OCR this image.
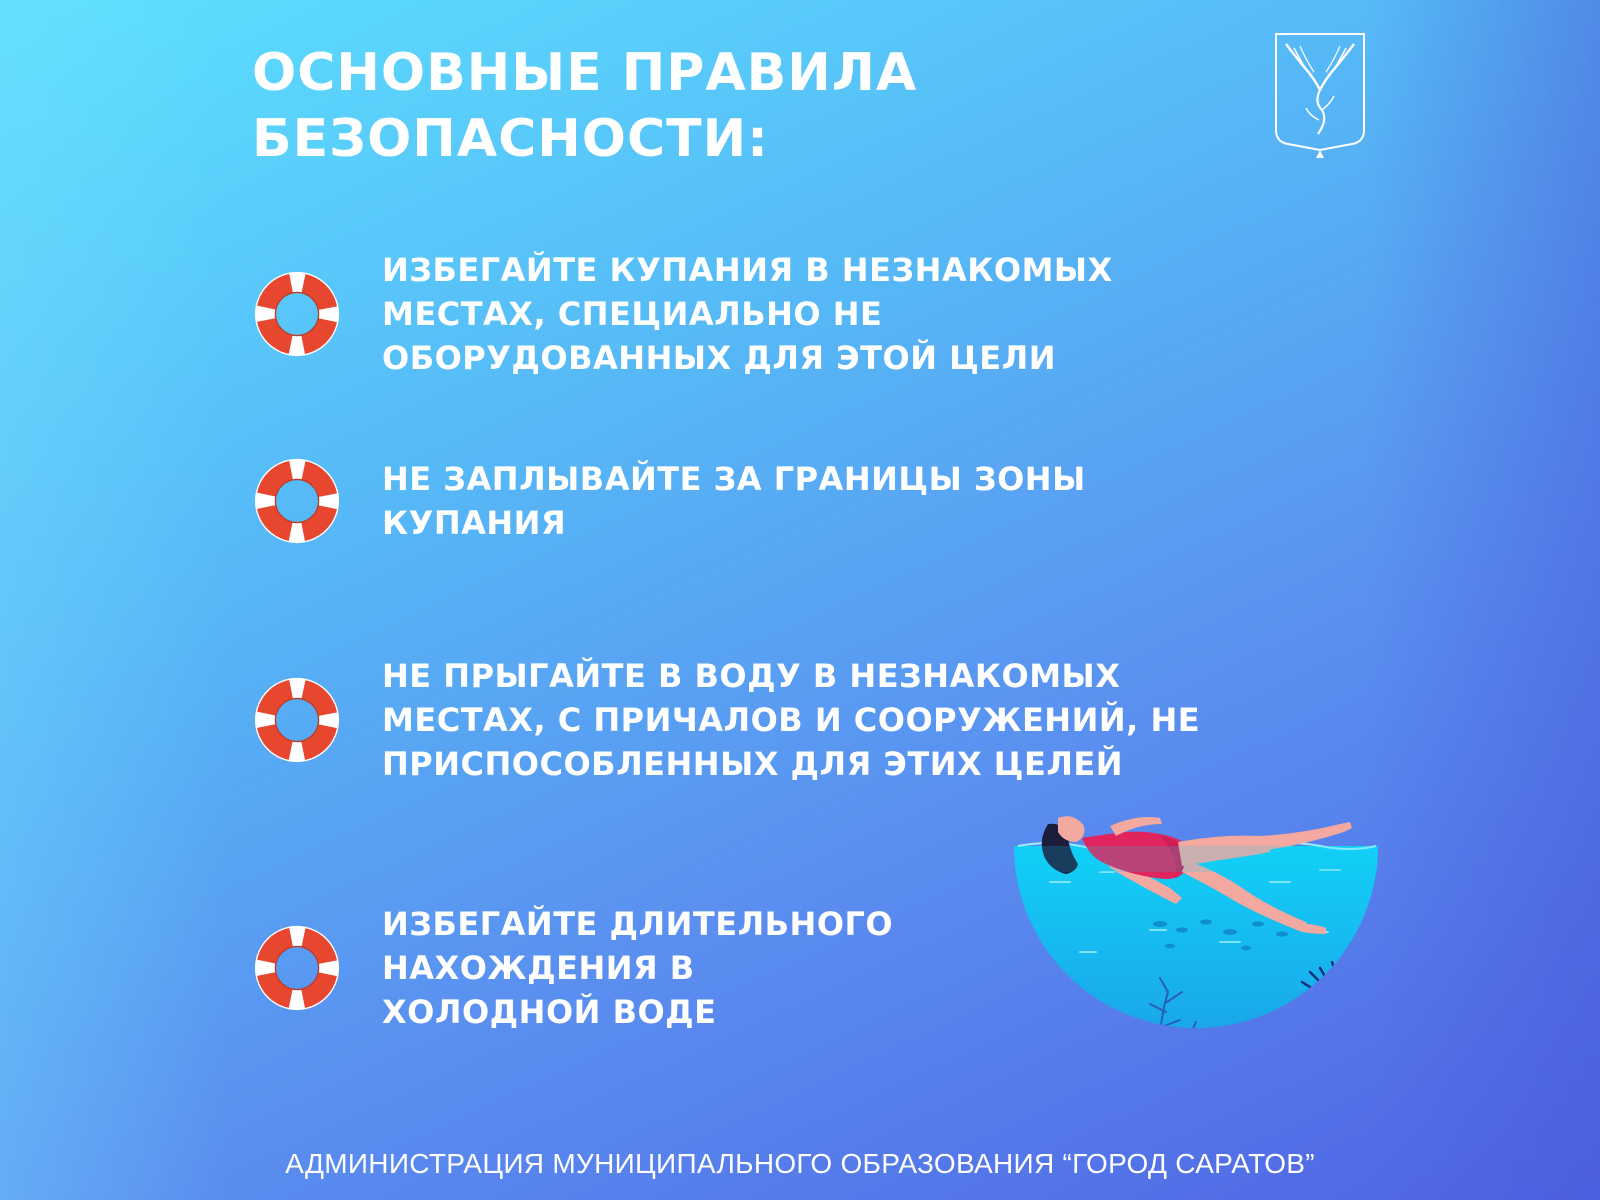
ОСНОВНЫЕ ПРАВИЛА
БЕЗОПАСНОСТИ:
ИЗБЕГАЙТЕ КУПАНИЯ В НЕЗНАКОМЫХ
МЕСТАХ, СПЕЦИАЛЬНО НЕ
ОБОРУДОВАННЫХ ДЛЯ ЭТОЙ ЦЕЛИ
НЕ ЗАПЛЫВАЙТЕ ЗА ГРАНИЦЫ ЗОНЫ
КУПАНИЯ
НЕ ПРЫГАЙТЕ В ВОДУ В НЕЗНАКОМЫХ
МЕСТАХ, С ПРИЧАЛОВ И СООРУЖЕНИЙ, НЕ
ПРИСПОСОБЛЕННЫХ ДЛЯ ЭТИХ ЦЕЛЕЙ
ИЗБЕГАЙТЕ ДЛИТЕЛЬНОГО
НАХОЖДЕНИЯ В
ХОЛОДНОЙ ВОДЕ
АДМИНИСТРАЦИЯ МУНИЦИПАЛЬНОГО ОБРАЗОВАНИЯ “ГОРОД САРАТОВ”
